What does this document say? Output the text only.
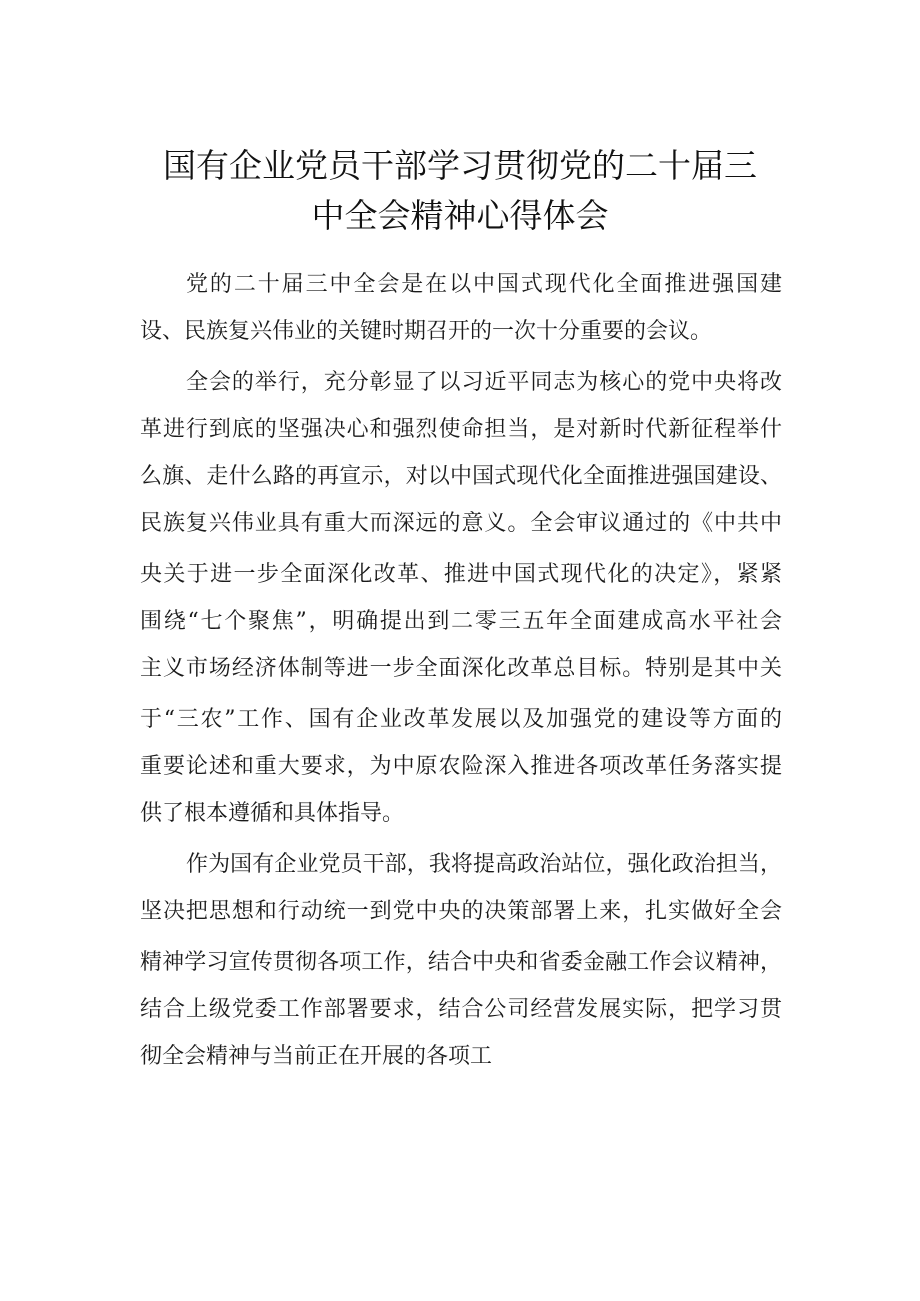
国有企业党员干部学习贯彻党的二十届三
中全会精神心得体会
党的二十届三中全会是在以中国式现代化全面推进强国建
设、民族复兴伟业的关键时期召开的一次十分重要的会议。
全会的举行，充分彰显了以习近平同志为核心的党中央将改
革进行到底的坚强决心和强烈使命担当，是对新时代新征程举什
么旗、走什么路的再宣示，对以中国式现代化全面推进强国建设、
民族复兴伟业具有重大而深远的意义。全会审议通过的《中共中
央关于进一步全面深化改革、推进中国式现代化的决定》，紧紧
围绕“七个聚焦”，明确提出到二零三五年全面建成高水平社会
主义市场经济体制等进一步全面深化改革总目标。特别是其中关
于“三农”工作、国有企业改革发展以及加强党的建设等方面的
重要论述和重大要求，为中原农险深入推进各项改革任务落实提
供了根本遵循和具体指导。
作为国有企业党员干部，我将提高政治站位，强化政治担当，
坚决把思想和行动统一到党中央的决策部署上来，扎实做好全会
精神学习宣传贯彻各项工作，结合中央和省委金融工作会议精神，
结合上级党委工作部署要求，结合公司经营发展实际，把学习贯
彻全会精神与当前正在开展的各项工
